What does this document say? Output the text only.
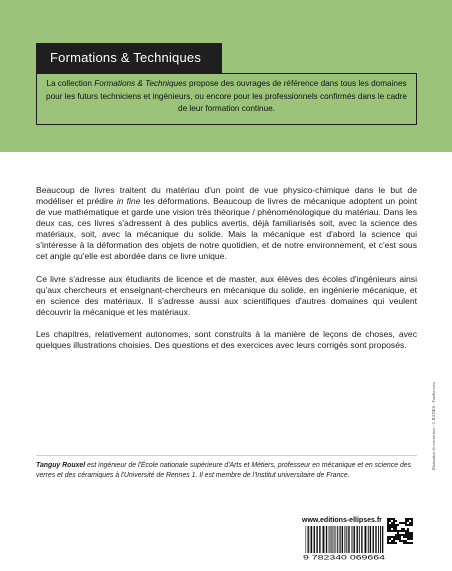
Formations & Techniques
La collection Formations & Techniques propose des ouvrages de référence dans tous les domaines pour les futurs techniciens et ingénieurs, ou encore pour les professionnels confirmés dans le cadre de leur formation continue.

Beaucoup de livres traitent du matériau d'un point de vue physico-chimique dans le but de modéliser et prédire in fine les déformations. Beaucoup de livres de mécanique adoptent un point de vue mathématique et garde une vision très théorique / phénoménologique du matériau. Dans les deux cas, ces livres s'adressent à des publics avertis, déjà familiarisés soit, avec la science des matériaux, soit, avec la mécanique du solide. Mais la mécanique est d'abord la science qui s'intéresse à la déformation des objets de notre quotidien, et de notre environnement, et c'est sous cet angle qu'elle est abordée dans ce livre unique.

Ce livre s'adresse aux étudiants de licence et de master, aux élèves des écoles d'ingénieurs ainsi qu'aux chercheurs et enseignant-chercheurs en mécanique du solide, en ingénierie mécanique, et en science des matériaux. Il s'adresse aussi aux scientifiques d'autres domaines qui veulent découvrir la mécanique et les matériaux.

Les chapitres, relativement autonomes, sont construits à la manière de leçons de choses, avec quelques illustrations choisies. Des questions et des exercices avec leurs corrigés sont proposés.

Tanguy Rouxel est ingénieur de l'École nationale supérieure d'Arts et Métiers, professeur en mécanique et en science des verres et des céramiques à l'Université de Rennes 1. Il est membre de l'Institut universitaire de France.
www.editions-ellipses.fr
9 782340 069664
Illustration de couverture : © BANKS - Fotolia.com
